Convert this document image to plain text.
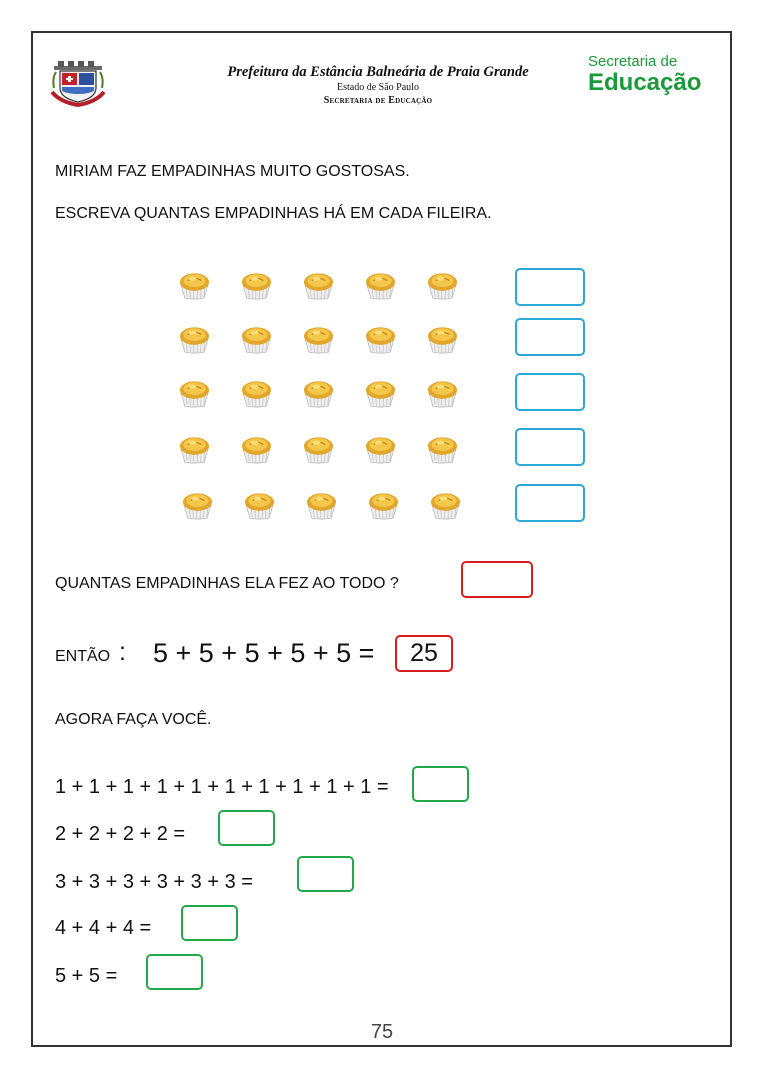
Prefeitura da Estância Balneária de Praia Grande
Estado de São Paulo
Secretaria de Educação
Secretaria de
Educação
MIRIAM FAZ EMPADINHAS MUITO GOSTOSAS.
ESCREVA QUANTAS EMPADINHAS HÁ EM CADA FILEIRA.
QUANTAS EMPADINHAS ELA FEZ AO TODO ?
ENTÃO : 5 + 5 + 5 + 5 + 5 =	25
AGORA FAÇA VOCÊ.
1 + 1 + 1 + 1 + 1 + 1 + 1 + 1 + 1 + 1 =
2 + 2 + 2 + 2 =
3 + 3 + 3 + 3 + 3 + 3 =
4 + 4 + 4 =
5 + 5 =
75
